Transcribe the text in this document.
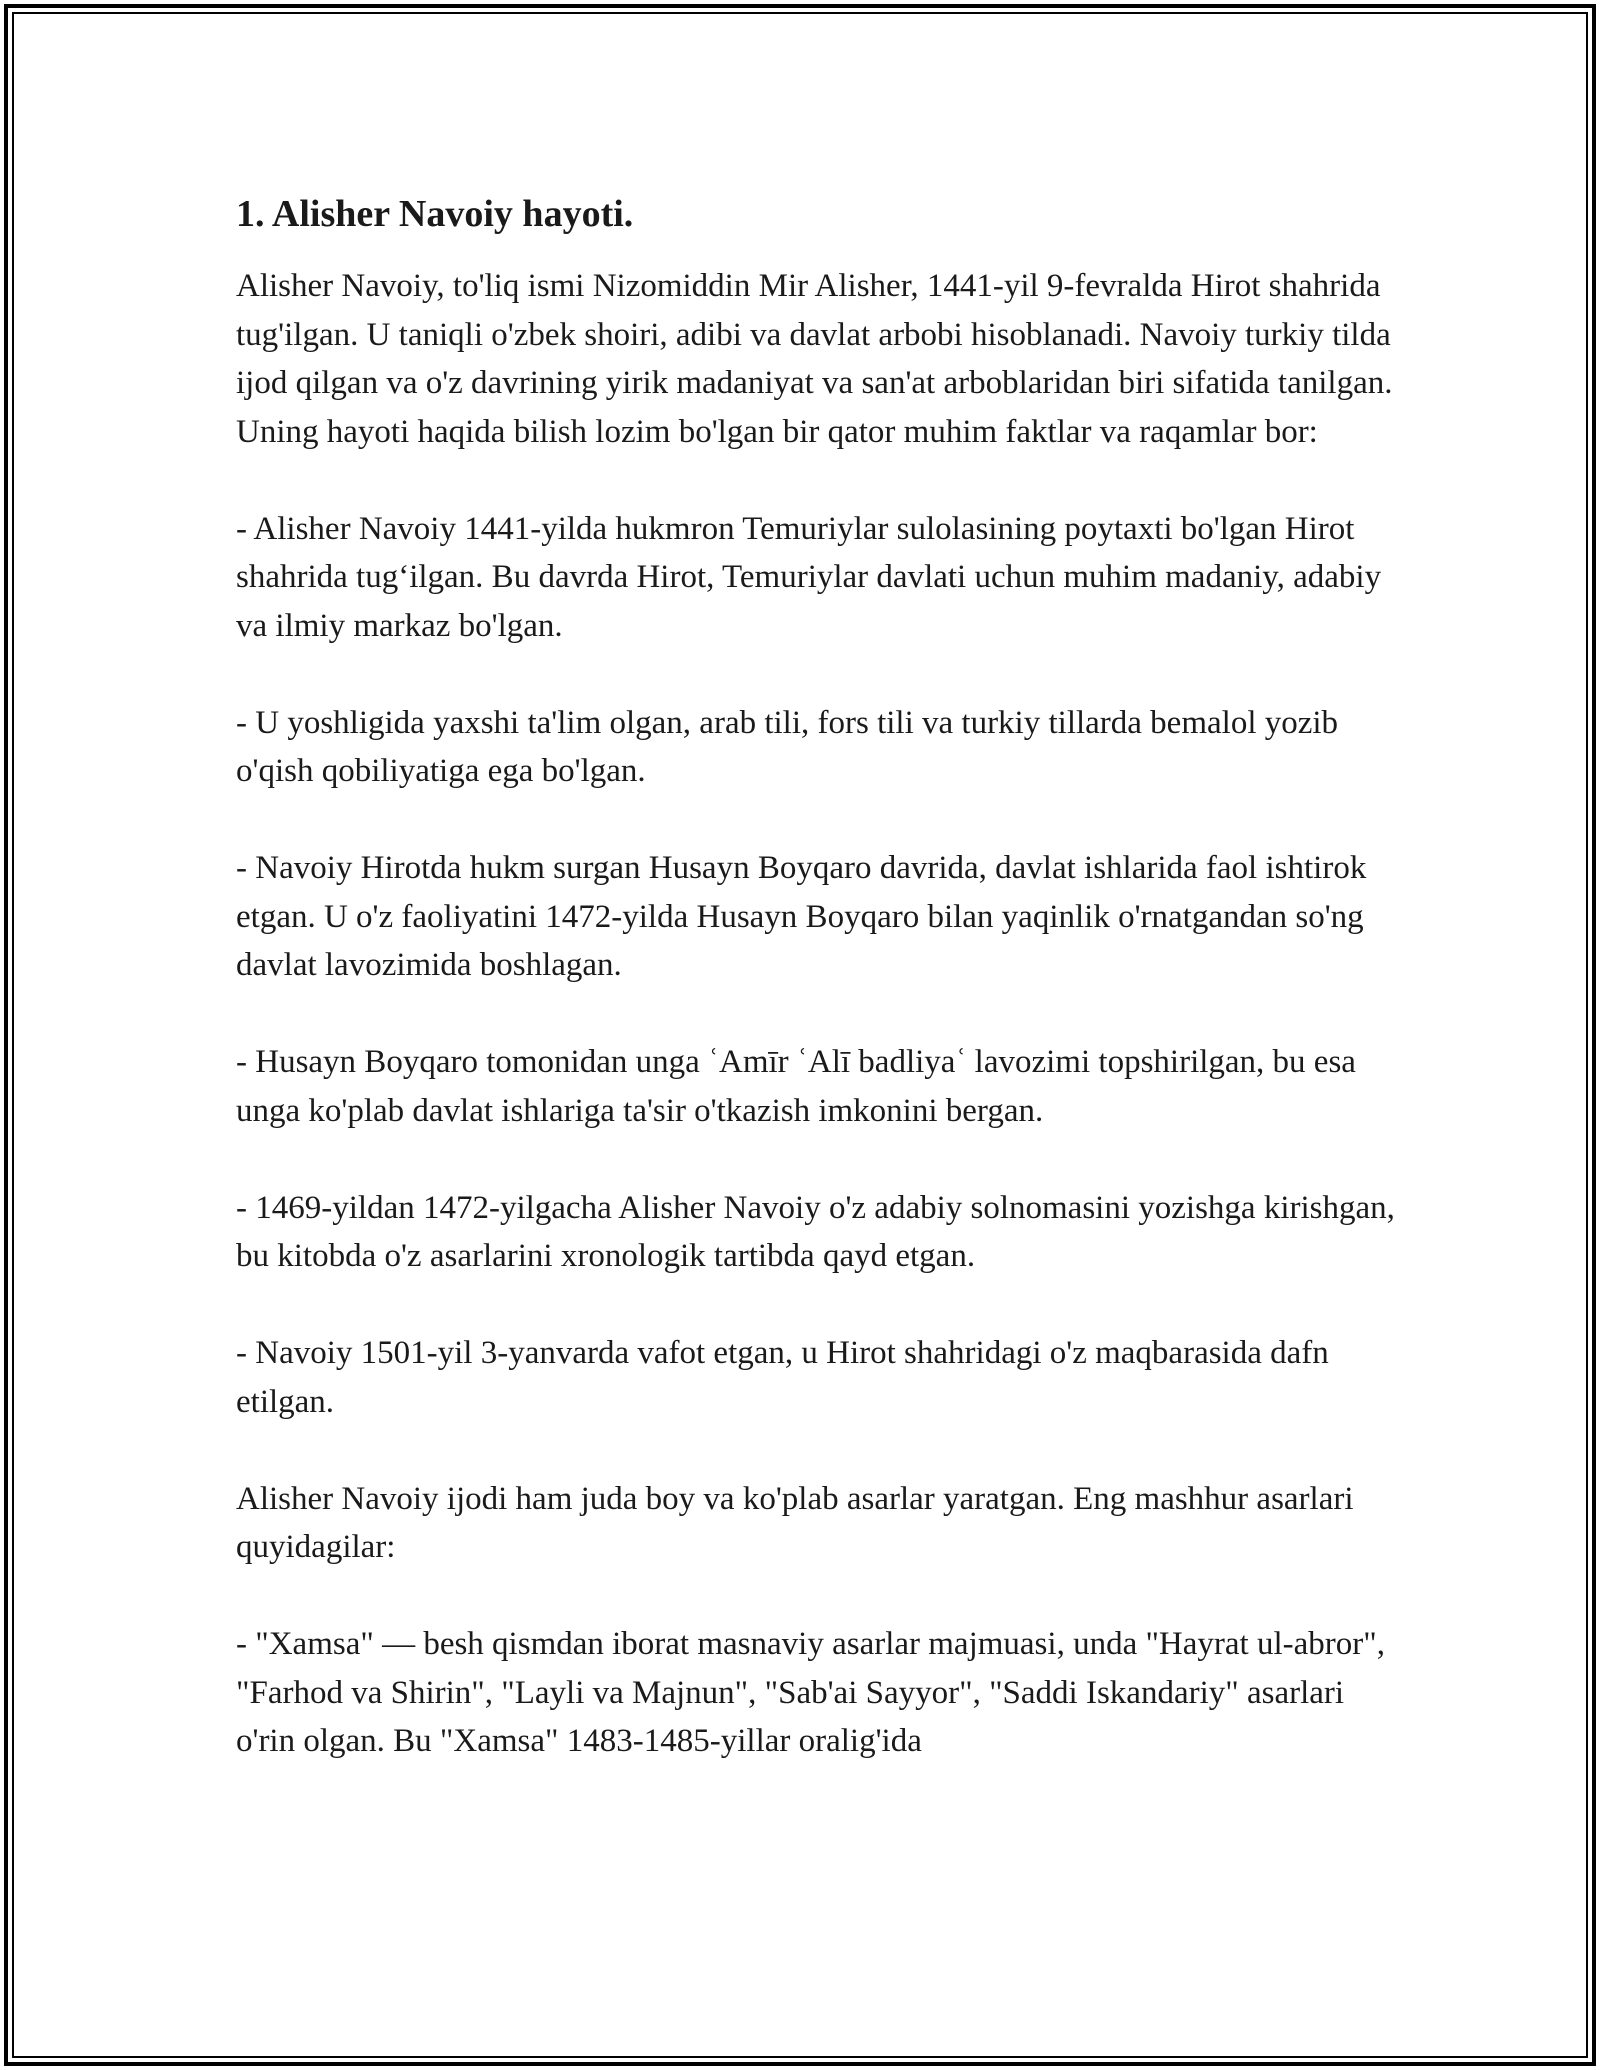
1. Alisher Navoiy hayoti.

Alisher Navoiy, to'liq ismi Nizomiddin Mir Alisher, 1441-yil 9-fevralda Hirot shahrida tug'ilgan. U taniqli o'zbek shoiri, adibi va davlat arbobi hisoblanadi. Navoiy turkiy tilda ijod qilgan va o'z davrining yirik madaniyat va san'at arboblaridan biri sifatida tanilgan. Uning hayoti haqida bilish lozim bo'lgan bir qator muhim faktlar va raqamlar bor:

- Alisher Navoiy 1441-yilda hukmron Temuriylar sulolasining poytaxti bo'lgan Hirot shahrida tug‘ilgan. Bu davrda Hirot, Temuriylar davlati uchun muhim madaniy, adabiy va ilmiy markaz bo'lgan.

- U yoshligida yaxshi ta'lim olgan, arab tili, fors tili va turkiy tillarda bemalol yozib o'qish qobiliyatiga ega bo'lgan.

- Navoiy Hirotda hukm surgan Husayn Boyqaro davrida, davlat ishlarida faol ishtirok etgan. U o'z faoliyatini 1472-yilda Husayn Boyqaro bilan yaqinlik o'rnatgandan so'ng davlat lavozimida boshlagan.

- Husayn Boyqaro tomonidan unga ʿAmīr ʿAlī badliyaʿ lavozimi topshirilgan, bu esa unga ko'plab davlat ishlariga ta'sir o'tkazish imkonini bergan.

- 1469-yildan 1472-yilgacha Alisher Navoiy o'z adabiy solnomasini yozishga kirishgan, bu kitobda o'z asarlarini xronologik tartibda qayd etgan.

- Navoiy 1501-yil 3-yanvarda vafot etgan, u Hirot shahridagi o'z maqbarasida dafn etilgan.

Alisher Navoiy ijodi ham juda boy va ko'plab asarlar yaratgan. Eng mashhur asarlari quyidagilar:

- "Xamsa" — besh qismdan iborat masnaviy asarlar majmuasi, unda "Hayrat ul-abror", "Farhod va Shirin", "Layli va Majnun", "Sab'ai Sayyor", "Saddi Iskandariy" asarlari o'rin olgan. Bu "Xamsa" 1483-1485-yillar oralig'ida
